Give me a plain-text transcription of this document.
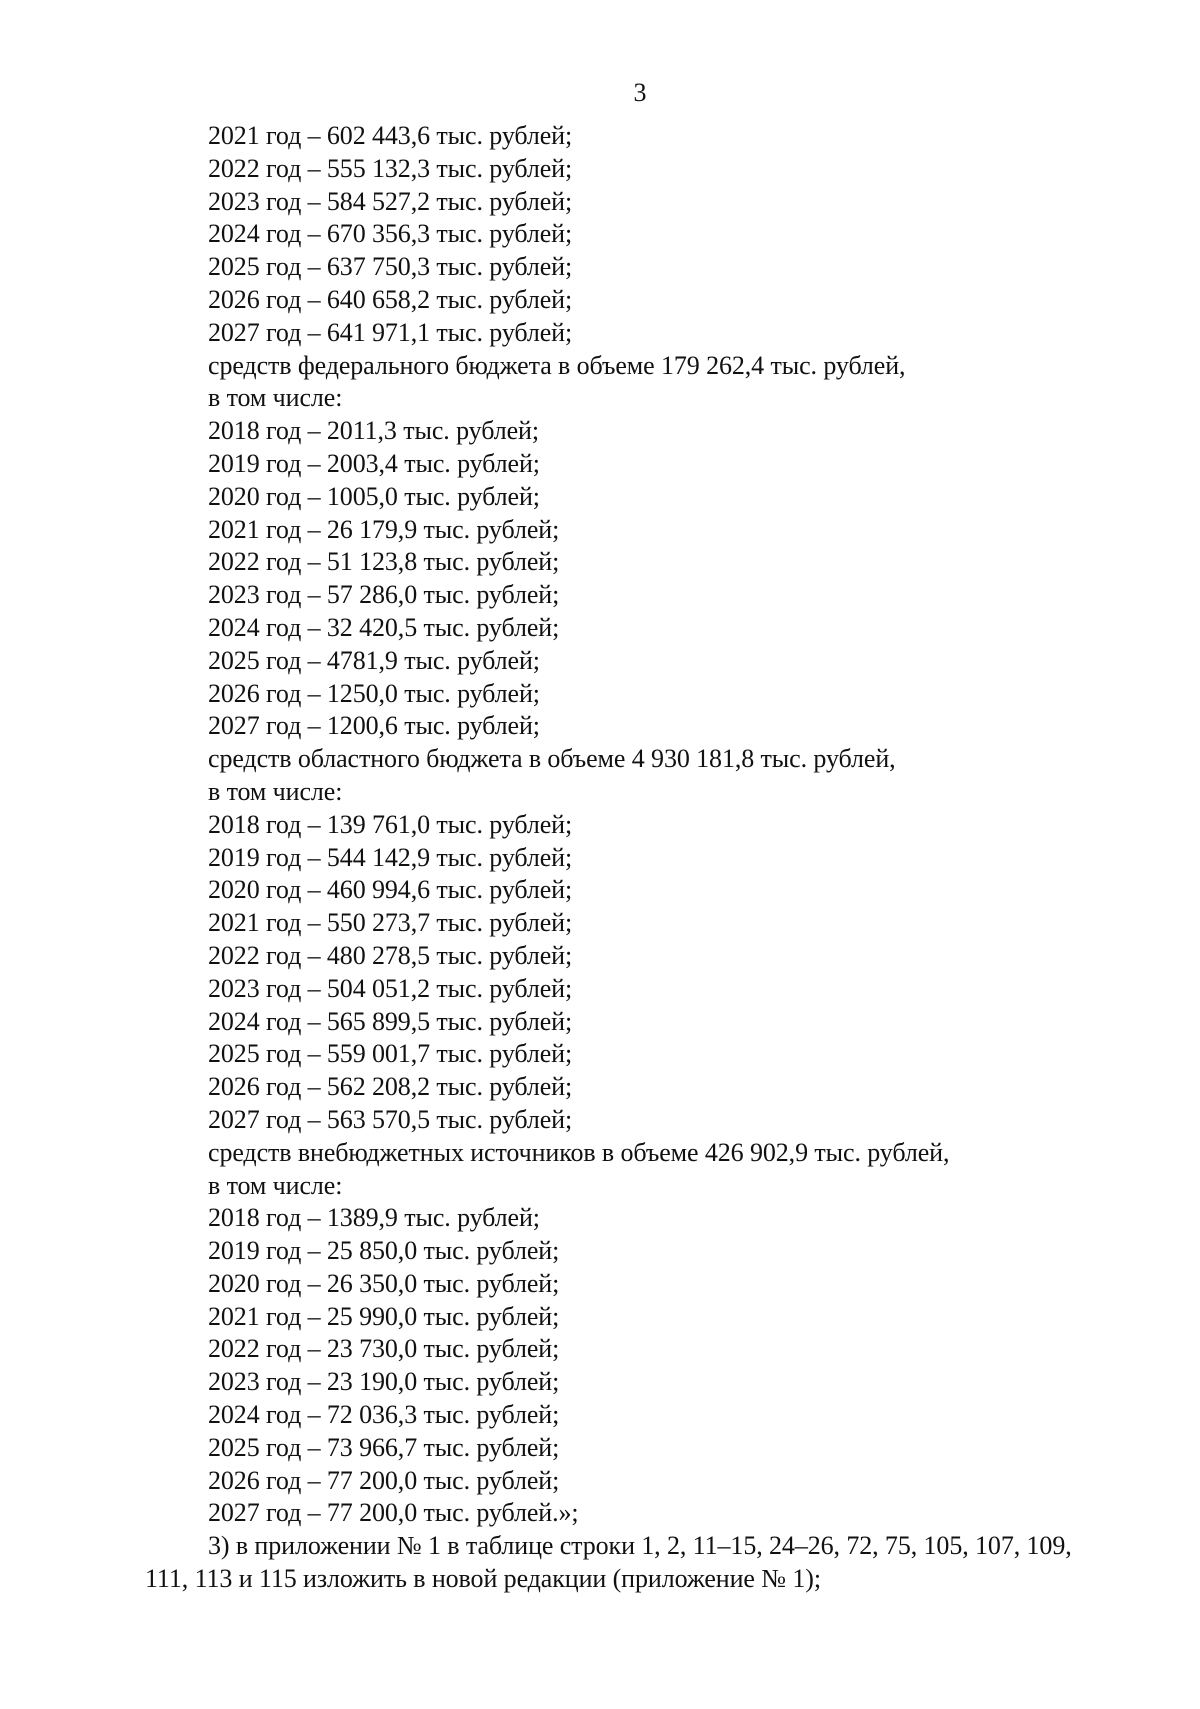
3
2021 год – 602 443,6 тыс. рублей;
2022 год – 555 132,3 тыс. рублей;
2023 год – 584 527,2 тыс. рублей;
2024 год – 670 356,3 тыс. рублей;
2025 год – 637 750,3 тыс. рублей;
2026 год – 640 658,2 тыс. рублей;
2027 год – 641 971,1 тыс. рублей;
средств федерального бюджета в объеме 179 262,4 тыс. рублей,
в том числе:
2018 год – 2011,3 тыс. рублей;
2019 год – 2003,4 тыс. рублей;
2020 год – 1005,0 тыс. рублей;
2021 год – 26 179,9 тыс. рублей;
2022 год – 51 123,8 тыс. рублей;
2023 год – 57 286,0 тыс. рублей;
2024 год – 32 420,5 тыс. рублей;
2025 год – 4781,9 тыс. рублей;
2026 год – 1250,0 тыс. рублей;
2027 год – 1200,6 тыс. рублей;
средств областного бюджета в объеме 4 930 181,8 тыс. рублей,
в том числе:
2018 год – 139 761,0 тыс. рублей;
2019 год – 544 142,9 тыс. рублей;
2020 год – 460 994,6 тыс. рублей;
2021 год – 550 273,7 тыс. рублей;
2022 год – 480 278,5 тыс. рублей;
2023 год – 504 051,2 тыс. рублей;
2024 год – 565 899,5 тыс. рублей;
2025 год – 559 001,7 тыс. рублей;
2026 год – 562 208,2 тыс. рублей;
2027 год – 563 570,5 тыс. рублей;
средств внебюджетных источников в объеме 426 902,9 тыс. рублей,
в том числе:
2018 год – 1389,9 тыс. рублей;
2019 год – 25 850,0 тыс. рублей;
2020 год – 26 350,0 тыс. рублей;
2021 год – 25 990,0 тыс. рублей;
2022 год – 23 730,0 тыс. рублей;
2023 год – 23 190,0 тыс. рублей;
2024 год – 72 036,3 тыс. рублей;
2025 год – 73 966,7 тыс. рублей;
2026 год – 77 200,0 тыс. рублей;
2027 год – 77 200,0 тыс. рублей.»;
3) в приложении № 1 в таблице строки 1, 2, 11–15, 24–26, 72, 75, 105, 107, 109,
111, 113 и 115 изложить в новой редакции (приложение № 1);
